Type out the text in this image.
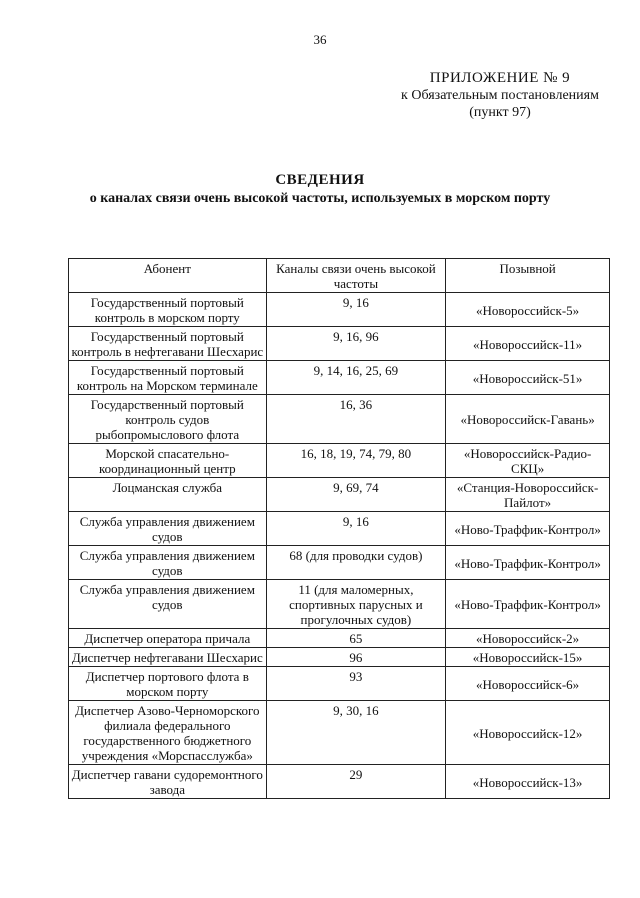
36
ПРИЛОЖЕНИЕ № 9
к Обязательным постановлениям
(пункт 97)
СВЕДЕНИЯ
о каналах связи очень высокой частоты, используемых в морском порту
Абонент	Каналы связи очень высокой частоты	Позывной
Государственный портовый контроль в морском порту	9, 16	«Новороссийск-5»
Государственный портовый контроль в нефтегавани Шесхарис	9, 16, 96	«Новороссийск-11»
Государственный портовый контроль на Морском терминале	9, 14, 16, 25, 69	«Новороссийск-51»
Государственный портовый контроль судов рыбопромыслового флота	16, 36	«Новороссийск-Гавань»
Морской спасательно-координационный центр	16, 18, 19, 74, 79, 80	«Новороссийск-Радио-СКЦ»
Лоцманская служба	9, 69, 74	«Станция-Новороссийск-Пайлот»
Служба управления движением судов	9, 16	«Ново-Траффик-Контрол»
Служба управления движением судов	68 (для проводки судов)	«Ново-Траффик-Контрол»
Служба управления движением судов	11 (для маломерных, спортивных парусных и прогулочных судов)	«Ново-Траффик-Контрол»
Диспетчер оператора причала	65	«Новороссийск-2»
Диспетчер нефтегавани Шесхарис	96	«Новороссийск-15»
Диспетчер портового флота в морском порту	93	«Новороссийск-6»
Диспетчер Азово-Черноморского филиала федерального государственного бюджетного учреждения «Морспасслужба»	9, 30, 16	«Новороссийск-12»
Диспетчер гавани судоремонтного завода	29	«Новороссийск-13»
